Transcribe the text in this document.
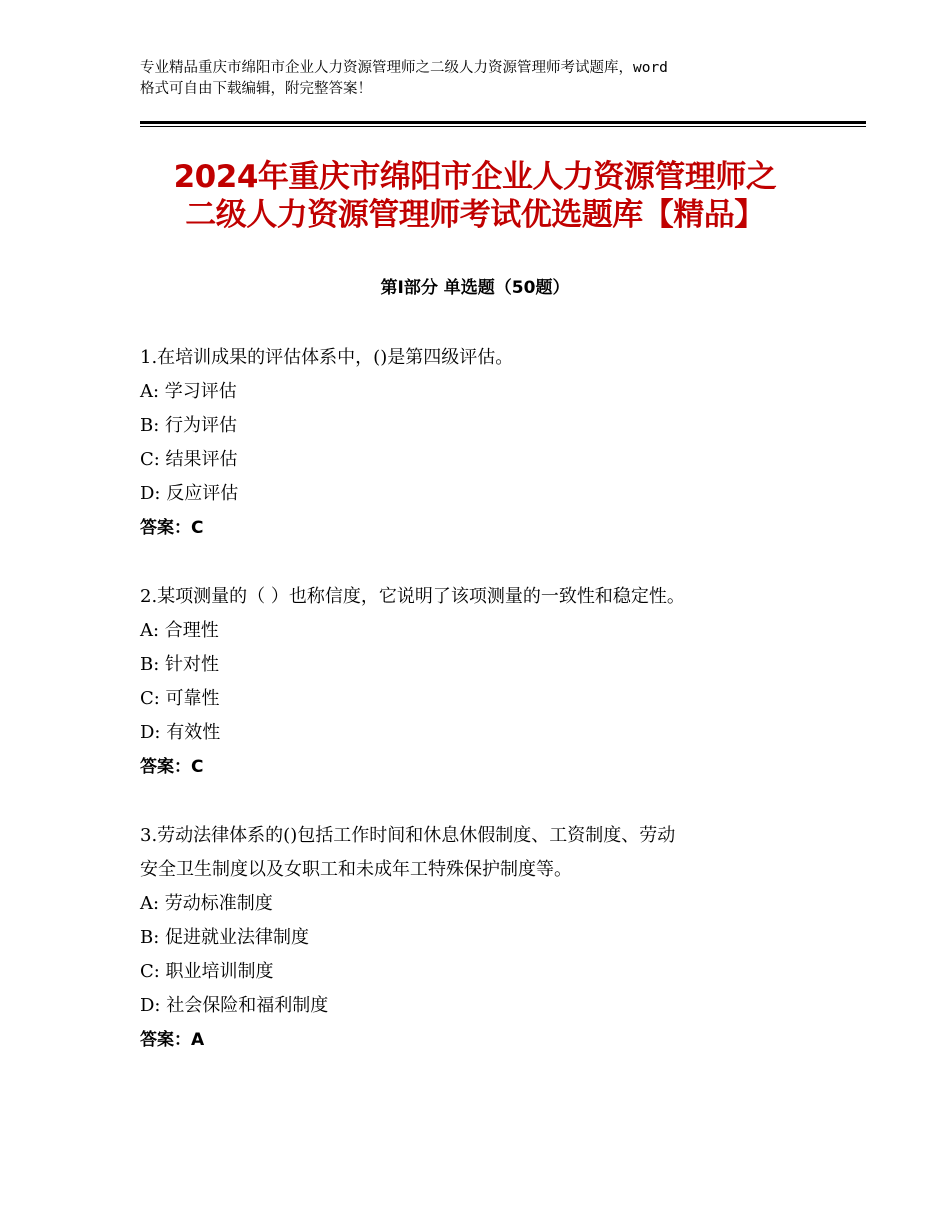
专业精品重庆市绵阳市企业人力资源管理师之二级人力资源管理师考试题库，word
格式可自由下载编辑，附完整答案！
2024年重庆市绵阳市企业人力资源管理师之
二级人力资源管理师考试优选题库【精品】
第Ⅰ部分 单选题（50题）
1.在培训成果的评估体系中，()是第四级评估。
A: 学习评估
B: 行为评估
C: 结果评估
D: 反应评估
答案：C
2.某项测量的（ ）也称信度，它说明了该项测量的一致性和稳定性。
A: 合理性
B: 针对性
C: 可靠性
D: 有效性
答案：C
3.劳动法律体系的()包括工作时间和休息休假制度、工资制度、劳动
安全卫生制度以及女职工和未成年工特殊保护制度等。
A: 劳动标准制度
B: 促进就业法律制度
C: 职业培训制度
D: 社会保险和福利制度
答案：A
